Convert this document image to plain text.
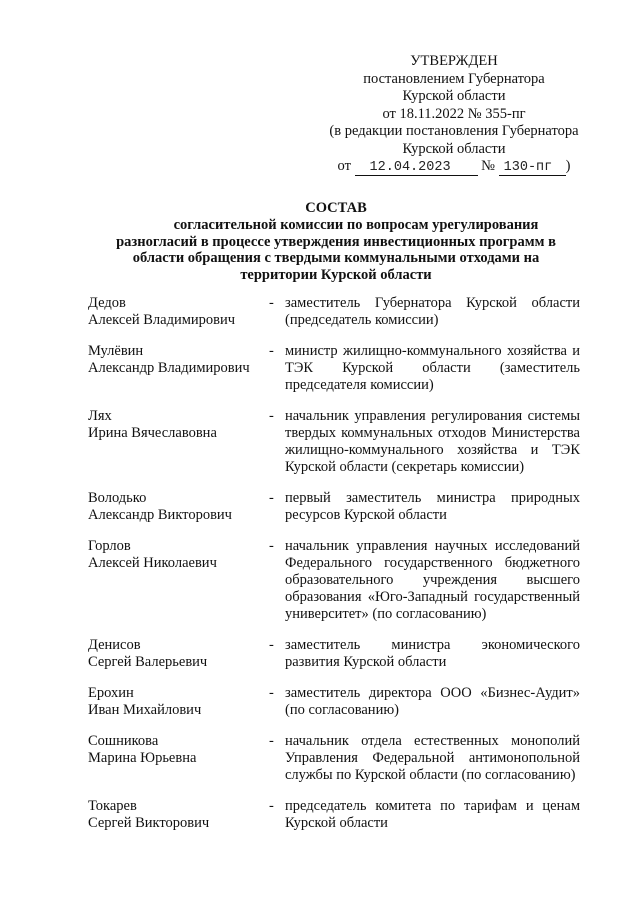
УТВЕРЖДЕН
постановлением Губернатора
Курской области
от 18.11.2022 № 355-пг
(в редакции постановления Губернатора
Курской области
от 12.04.2023 № 130-пг )
СОСТАВ
согласительной комиссии по вопросам урегулирования
разногласий в процессе утверждения инвестиционных программ в
области обращения с твердыми коммунальными отходами на
территории Курской области
Дедов
Алексей Владимирович
- заместитель Губернатора Курской области
(председатель комиссии)
Мулёвин
Александр Владимирович
- министр жилищно-коммунального хозяйства и
ТЭК Курской области (заместитель
председателя комиссии)
Лях
Ирина Вячеславовна
- начальник управления регулирования системы
твердых коммунальных отходов Министерства
жилищно-коммунального хозяйства и ТЭК
Курской области (секретарь комиссии)
Володько
Александр Викторович
- первый заместитель министра природных
ресурсов Курской области
Горлов
Алексей Николаевич
- начальник управления научных исследований
Федерального государственного бюджетного
образовательного учреждения высшего
образования «Юго-Западный государственный
университет» (по согласованию)
Денисов
Сергей Валерьевич
- заместитель министра экономического
развития Курской области
Ерохин
Иван Михайлович
- заместитель директора ООО «Бизнес-Аудит»
(по согласованию)
Сошникова
Марина Юрьевна
- начальник отдела естественных монополий
Управления Федеральной антимонопольной
службы по Курской области (по согласованию)
Токарев
Сергей Викторович
- председатель комитета по тарифам и ценам
Курской области
